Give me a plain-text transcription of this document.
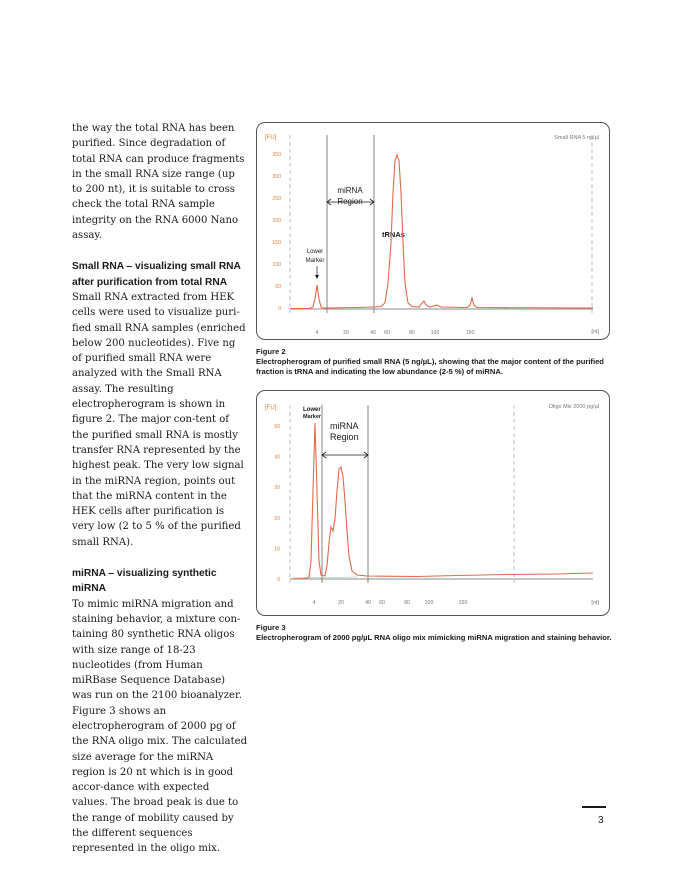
the way the total RNA has been purified. Since degradation of total RNA can produce fragments in the small RNA size range (up to 200 nt), it is suitable to cross check the total RNA sample integrity on the RNA 6000 Nano assay.

Small RNA – visualizing small RNA after purification from total RNA

Small RNA extracted from HEK cells were used to visualize puri-fied small RNA samples (enriched below 200 nucleotides). Five ng of purified small RNA were analyzed with the Small RNA assay. The resulting electropherogram is shown in figure 2. The major con-tent of the purified small RNA is mostly transfer RNA represented by the highest peak. The very low signal in the miRNA region, points out that the miRNA content in the HEK cells after purification is very low (2 to 5 % of the purified small RNA).

miRNA – visualizing synthetic miRNA

To mimic miRNA migration and staining behavior, a mixture con-taining 80 synthetic RNA oligos with size range of 18-23 nucleotides (from Human miRBase Sequence Database) was run on the 2100 bioanalyzer. Figure 3 shows an electropherogram of 2000 pg of the RNA oligo mix. The calculated size average for the miRNA region is 20 nt which is in good accor-dance with expected values. The broad peak is due to the range of mobility caused by the different sequences represented in the oligo mix.

[FU]	Small RNA 5 ng/µl
[nt]
350
300
250
200
150
100
50
0
4	20	40 60	80	100	150
miRNA
Region
tRNAs
Lower
Marker
Figure 2
Electropherogram of purified small RNA (5 ng/µL), showing that the major content of the purified fraction is tRNA and indicating the low abundance (2-5 %) of miRNA.
[FU]	Oligo Mix 2000 pg/µl
[nt]
50
40
30
20
10
0
4	20	40 60	80	100	150
Lower
Marker
miRNA
Region
Figure 3
Electropherogram of 2000 pg/µL RNA oligo mix mimicking miRNA migration and staining behavior.
3
